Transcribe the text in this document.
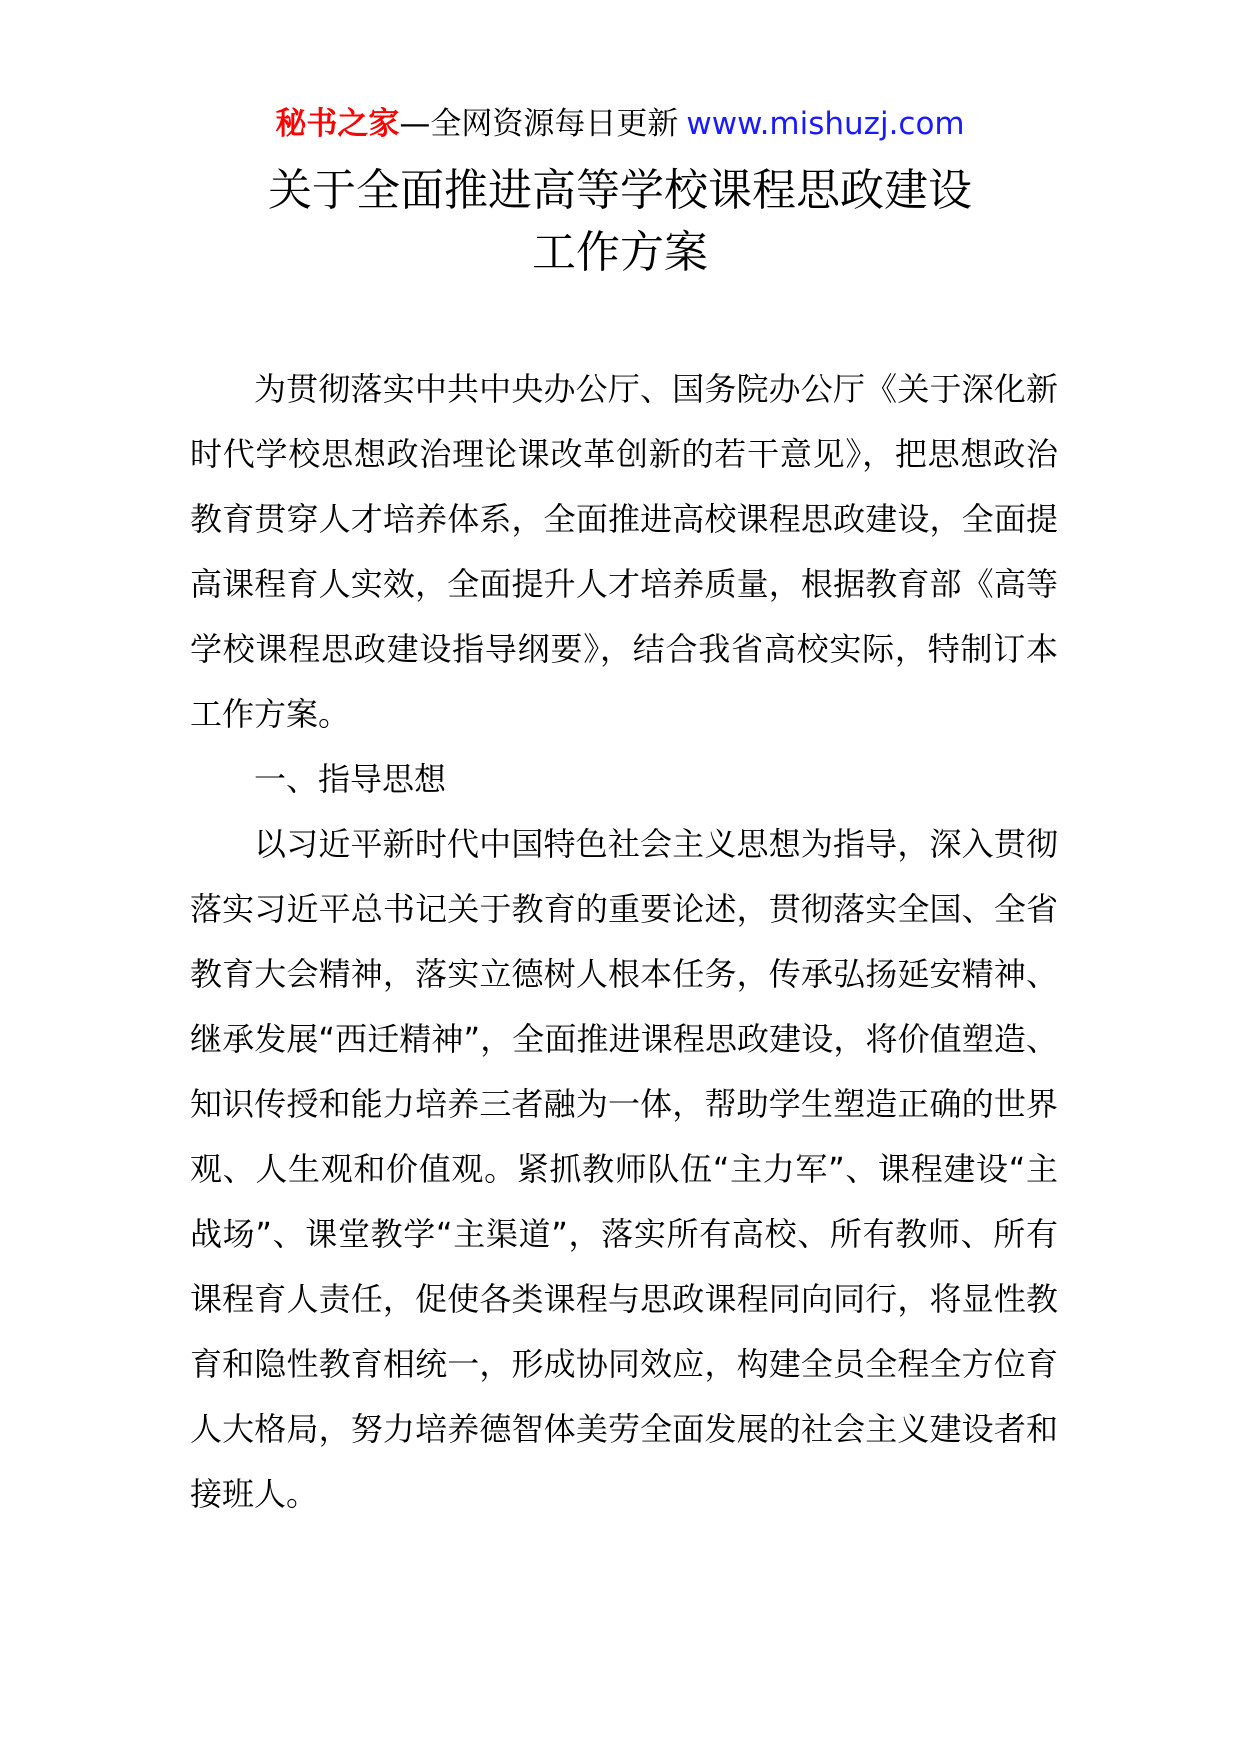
秘书之家—全网资源每日更新 www.mishuzj.com
关于全面推进高等学校课程思政建设
工作方案

为贯彻落实中共中央办公厅、国务院办公厅《关于深化新时代学校思想政治理论课改革创新的若干意见》，把思想政治教育贯穿人才培养体系，全面推进高校课程思政建设，全面提高课程育人实效，全面提升人才培养质量，根据教育部《高等学校课程思政建设指导纲要》，结合我省高校实际，特制订本工作方案。

一、指导思想

以习近平新时代中国特色社会主义思想为指导，深入贯彻落实习近平总书记关于教育的重要论述，贯彻落实全国、全省教育大会精神，落实立德树人根本任务，传承弘扬延安精神、继承发展“西迁精神”，全面推进课程思政建设，将价值塑造、知识传授和能力培养三者融为一体，帮助学生塑造正确的世界观、人生观和价值观。紧抓教师队伍“主力军”、课程建设“主战场”、课堂教学“主渠道”，落实所有高校、所有教师、所有课程育人责任，促使各类课程与思政课程同向同行，将显性教育和隐性教育相统一，形成协同效应，构建全员全程全方位育人大格局，努力培养德智体美劳全面发展的社会主义建设者和接班人。
